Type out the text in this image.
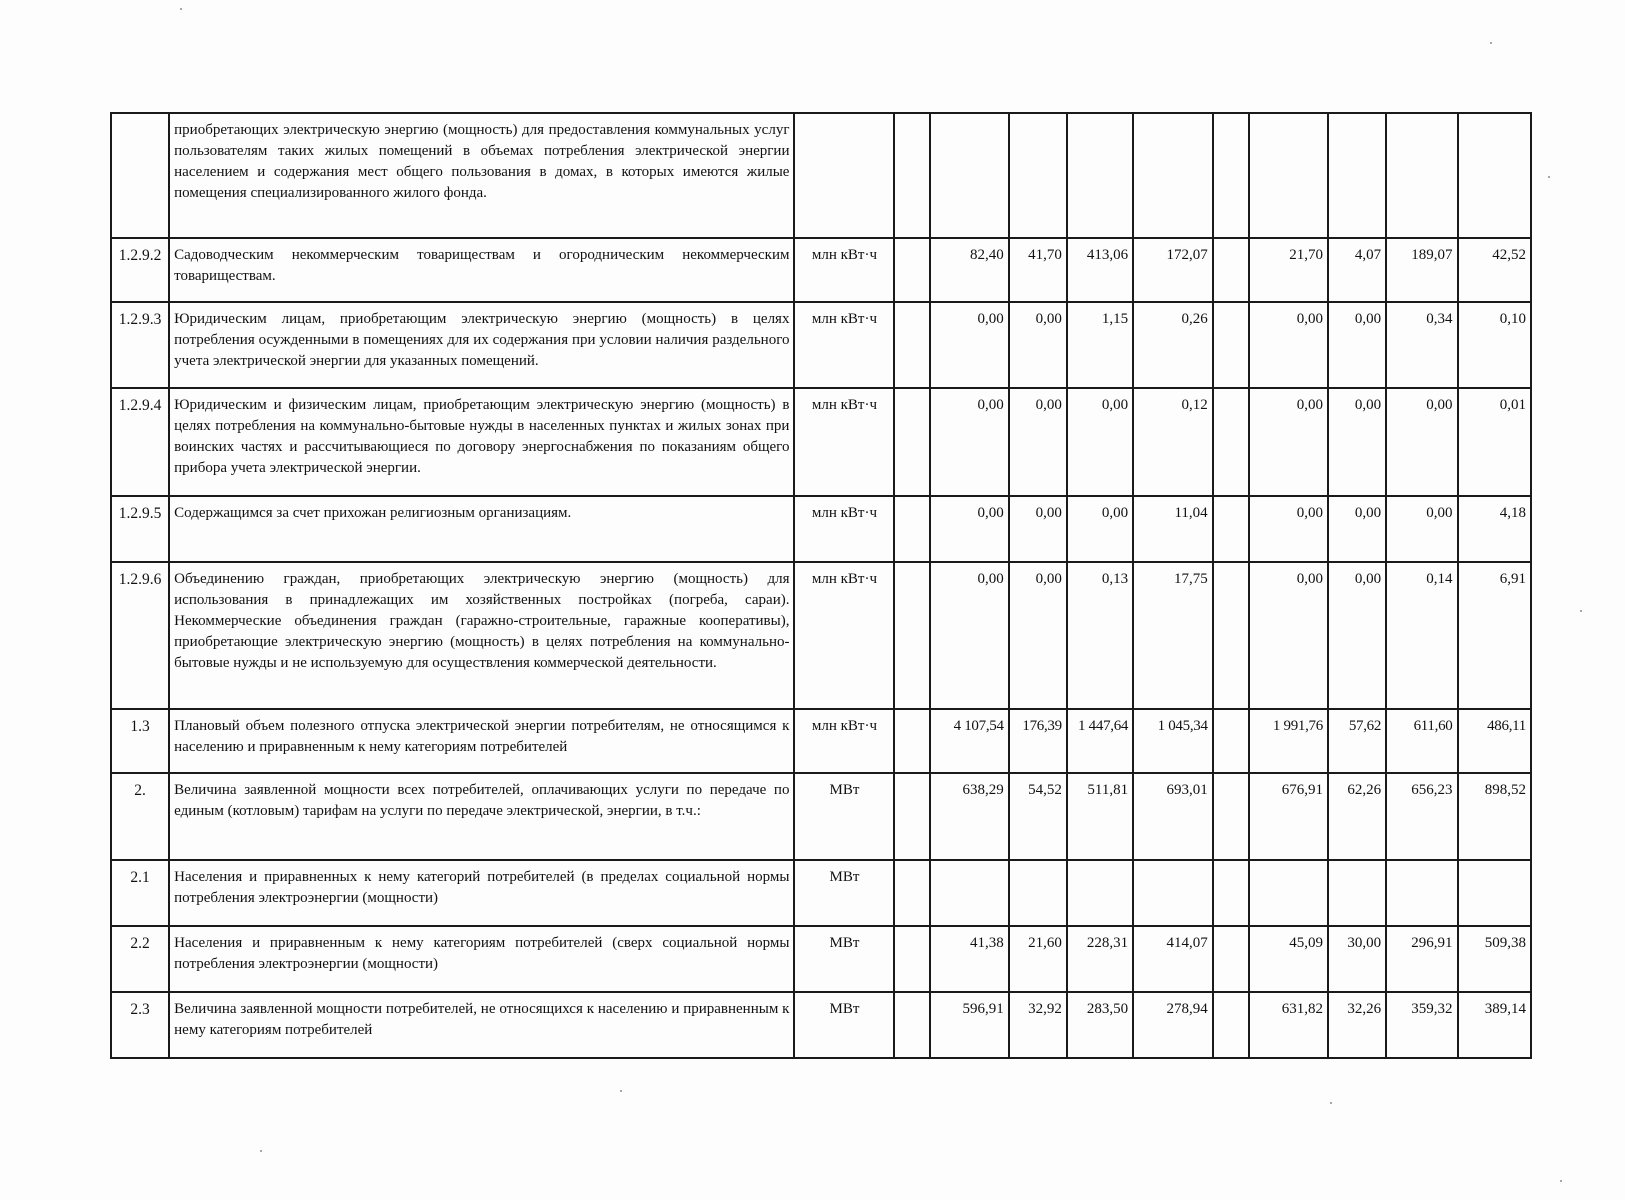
	приобретающих электрическую энергию (мощность) для предоставления коммунальных услуг пользователям таких жилых помещений в объемах потребления электрической энергии населением и содержания мест общего пользования в домах, в которых имеются жилые помещения специализированного жилого фонда.											
1.2.9.2	Садоводческим некоммерческим товариществам и огородническим некоммерческим товариществам.	млн кВт·ч		82,40	41,70	413,06	172,07		21,70	4,07	189,07	42,52
1.2.9.3	Юридическим лицам, приобретающим электрическую энергию (мощность) в целях потребления осужденными в помещениях для их содержания при условии наличия раздельного учета электрической энергии для указанных помещений.	млн кВт·ч		0,00	0,00	1,15	0,26		0,00	0,00	0,34	0,10
1.2.9.4	Юридическим и физическим лицам, приобретающим электрическую энергию (мощность) в целях потребления на коммунально-бытовые нужды в населенных пунктах и жилых зонах при воинских частях и рассчитывающиеся по договору энергоснабжения по показаниям общего прибора учета электрической энергии.	млн кВт·ч		0,00	0,00	0,00	0,12		0,00	0,00	0,00	0,01
1.2.9.5	Содержащимся за счет прихожан религиозным организациям.	млн кВт·ч		0,00	0,00	0,00	11,04		0,00	0,00	0,00	4,18
1.2.9.6	Объединению граждан, приобретающих электрическую энергию (мощность) для использования в принадлежащих им хозяйственных постройках (погреба, сараи). Некоммерческие объединения граждан (гаражно-строительные, гаражные кооперативы), приобретающие электрическую энергию (мощность) в целях потребления на коммунально-бытовые нужды и не используемую для осуществления коммерческой деятельности.	млн кВт·ч		0,00	0,00	0,13	17,75		0,00	0,00	0,14	6,91
1.3	Плановый объем полезного отпуска электрической энергии потребителям, не относящимся к населению и приравненным к нему категориям потребителей	млн кВт·ч		4 107,54	176,39	1 447,64	1 045,34		1 991,76	57,62	611,60	486,11
2.	Величина заявленной мощности всех потребителей, оплачивающих услуги по передаче по единым (котловым) тарифам на услуги по передаче электрической, энергии, в т.ч.:	МВт		638,29	54,52	511,81	693,01		676,91	62,26	656,23	898,52
2.1	Населения и приравненных к нему категорий потребителей (в пределах социальной нормы потребления электроэнергии (мощности)	МВт										
2.2	Населения и приравненным к нему категориям потребителей (сверх социальной нормы потребления электроэнергии (мощности)	МВт		41,38	21,60	228,31	414,07		45,09	30,00	296,91	509,38
2.3	Величина заявленной мощности потребителей, не относящихся к населению и приравненным к нему категориям потребителей	МВт		596,91	32,92	283,50	278,94		631,82	32,26	359,32	389,14
